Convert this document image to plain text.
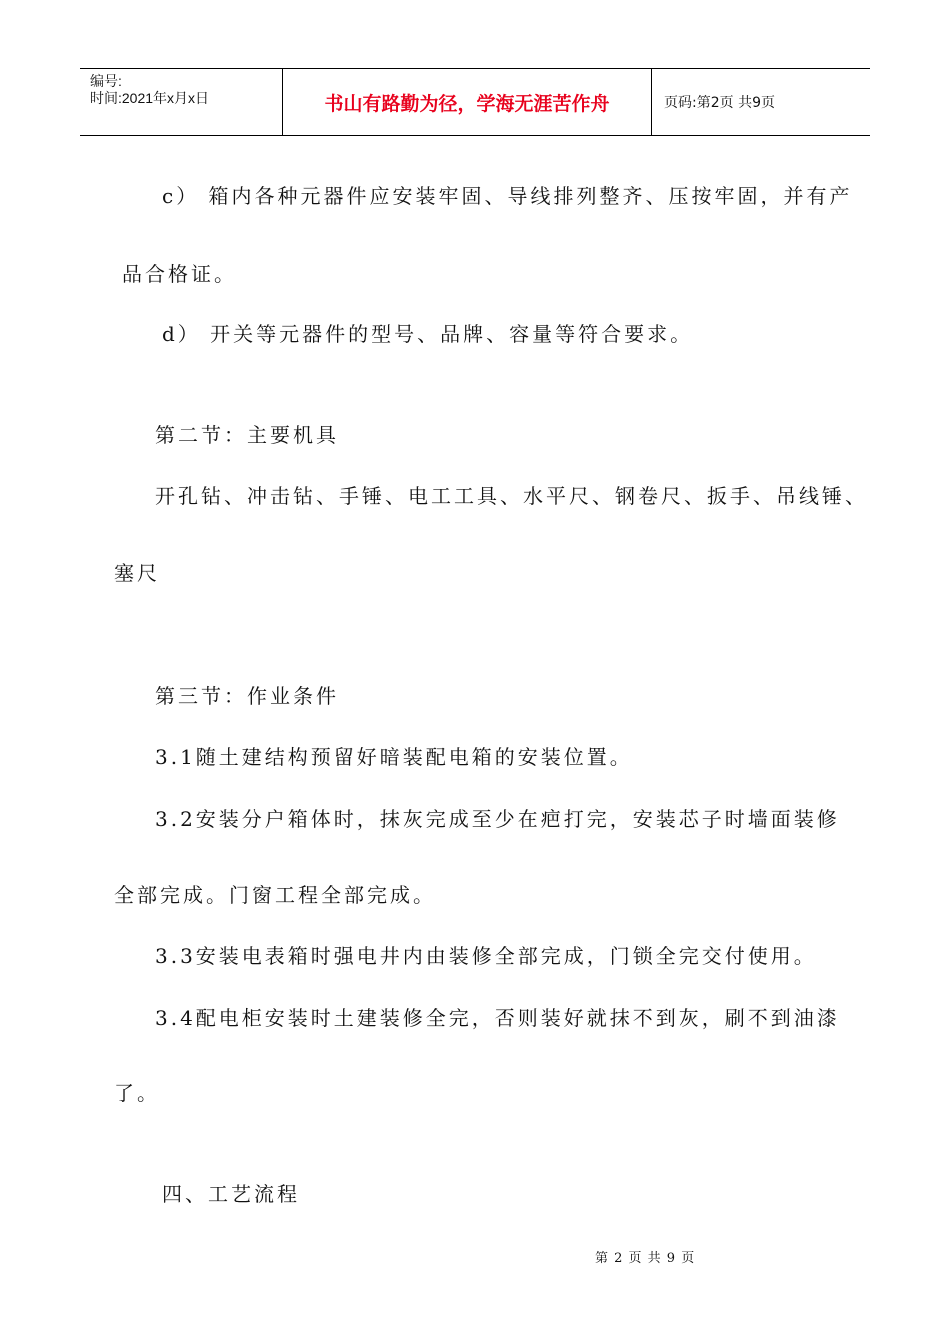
编号:
时间:2021年x月x日	书山有路勤为径，学海无涯苦作舟	页码:第2页 共9页
c） 箱内各种元器件应安装牢固、导线排列整齐、压按牢固，并有产
品合格证。
d） 开关等元器件的型号、品牌、容量等符合要求。
第二节：主要机具
开孔钻、冲击钻、手锤、电工工具、水平尺、钢卷尺、扳手、吊线锤、
塞尺
第三节：作业条件
3.1随土建结构预留好暗装配电箱的安装位置。
3.2安装分户箱体时，抹灰完成至少在疤打完，安装芯子时墙面装修
全部完成。门窗工程全部完成。
3.3安装电表箱时强电井内由装修全部完成，门锁全完交付使用。
3.4配电柜安装时土建装修全完，否则装好就抹不到灰，刷不到油漆
了。
四、工艺流程
第 2 页 共 9 页
